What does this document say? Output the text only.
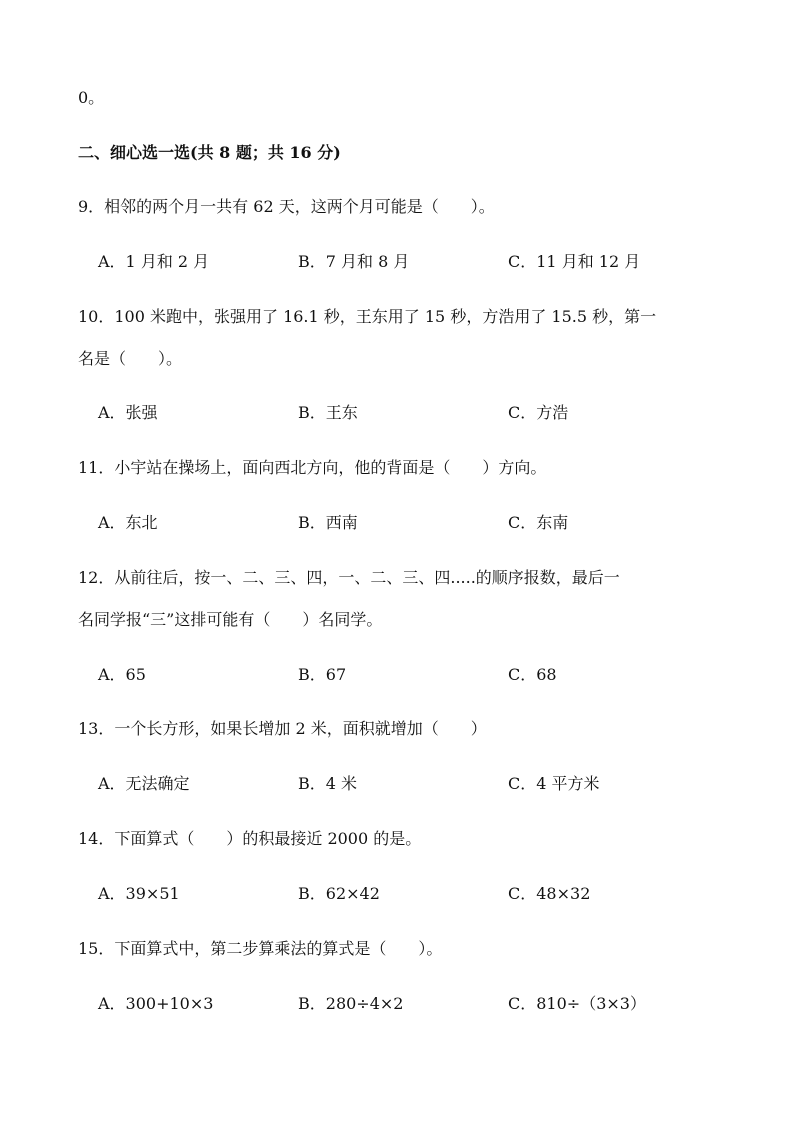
0。
二、细心选一选(共 8 题；共 16 分)
9．相邻的两个月一共有 62 天，这两个月可能是（　　）。
A．1 月和 2 月	B．7 月和 8 月	C．11 月和 12 月
10．100 米跑中，张强用了 16.1 秒，王东用了 15 秒，方浩用了 15.5 秒，第一
名是（　　）。
A．张强	B．王东	C．方浩
11．小宇站在操场上，面向西北方向，他的背面是（　　）方向。
A．东北	B．西南	C．东南
12．从前往后，按一、二、三、四，一、二、三、四.....的顺序报数，最后一
名同学报“三”这排可能有（　　）名同学。
A．65	B．67	C．68
13．一个长方形，如果长增加 2 米，面积就增加（　　）
A．无法确定	B．4 米	C．4 平方米
14．下面算式（　　）的积最接近 2000 的是。
A．39×51	B．62×42	C．48×32
15．下面算式中，第二步算乘法的算式是（　　）。
A．300+10×3	B．280÷4×2	C．810÷（3×3）
